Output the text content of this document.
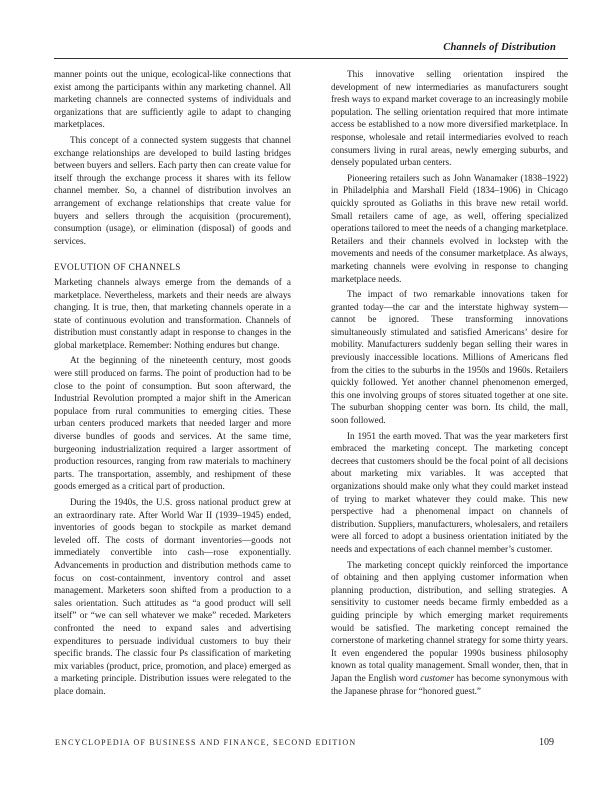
Channels of Distribution

manner points out the unique, ecological-like connections that exist among the participants within any marketing channel. All marketing channels are connected systems of individuals and organizations that are sufficiently agile to adapt to changing marketplaces.

This concept of a connected system suggests that channel exchange relationships are developed to build lasting bridges between buyers and sellers. Each party then can create value for itself through the exchange process it shares with its fellow channel member. So, a channel of distribution involves an arrangement of exchange relationships that create value for buyers and sellers through the acquisition (procurement), consumption (usage), or elimination (disposal) of goods and services.

EVOLUTION OF CHANNELS

Marketing channels always emerge from the demands of a marketplace. Nevertheless, markets and their needs are always changing. It is true, then, that marketing channels operate in a state of continuous evolution and transformation. Channels of distribution must constantly adapt in response to changes in the global marketplace. Remember: Nothing endures but change.

At the beginning of the nineteenth century, most goods were still produced on farms. The point of production had to be close to the point of consumption. But soon afterward, the Industrial Revolution prompted a major shift in the American populace from rural communities to emerging cities. These urban centers produced markets that needed larger and more diverse bundles of goods and services. At the same time, burgeoning industrialization required a larger assortment of production resources, ranging from raw materials to machinery parts. The transportation, assembly, and reshipment of these goods emerged as a critical part of production.

During the 1940s, the U.S. gross national product grew at an extraordinary rate. After World War II (1939–1945) ended, inventories of goods began to stockpile as market demand leveled off. The costs of dormant inventories—goods not immediately convertible into cash—rose exponentially. Advancements in production and distribution methods came to focus on cost-containment, inventory control and asset management. Marketers soon shifted from a production to a sales orientation. Such attitudes as “a good product will sell itself” or “we can sell whatever we make” receded. Marketers confronted the need to expand sales and advertising expenditures to persuade individual customers to buy their specific brands. The classic four Ps classification of marketing mix variables (product, price, promotion, and place) emerged as a marketing principle. Distribution issues were relegated to the place domain.

This innovative selling orientation inspired the development of new intermediaries as manufacturers sought fresh ways to expand market coverage to an increasingly mobile population. The selling orientation required that more intimate access be established to a now more diversified marketplace. In response, wholesale and retail intermediaries evolved to reach consumers living in rural areas, newly emerging suburbs, and densely populated urban centers.

Pioneering retailers such as John Wanamaker (1838–1922) in Philadelphia and Marshall Field (1834–1906) in Chicago quickly sprouted as Goliaths in this brave new retail world. Small retailers came of age, as well, offering specialized operations tailored to meet the needs of a changing marketplace. Retailers and their channels evolved in lockstep with the movements and needs of the consumer marketplace. As always, marketing channels were evolving in response to changing marketplace needs.

The impact of two remarkable innovations taken for granted today—the car and the interstate highway system—cannot be ignored. These transforming innovations simultaneously stimulated and satisfied Americans’ desire for mobility. Manufacturers suddenly began selling their wares in previously inaccessible locations. Millions of Americans fled from the cities to the suburbs in the 1950s and 1960s. Retailers quickly followed. Yet another channel phenomenon emerged, this one involving groups of stores situated together at one site. The suburban shopping center was born. Its child, the mall, soon followed.

In 1951 the earth moved. That was the year marketers first embraced the marketing concept. The marketing concept decrees that customers should be the focal point of all decisions about marketing mix variables. It was accepted that organizations should make only what they could market instead of trying to market whatever they could make. This new perspective had a phenomenal impact on channels of distribution. Suppliers, manufacturers, wholesalers, and retailers were all forced to adopt a business orientation initiated by the needs and expectations of each channel member’s customer.

The marketing concept quickly reinforced the importance of obtaining and then applying customer information when planning production, distribution, and selling strategies. A sensitivity to customer needs became firmly embedded as a guiding principle by which emerging market requirements would be satisfied. The marketing concept remained the cornerstone of marketing channel strategy for some thirty years. It even engendered the popular 1990s business philosophy known as total quality management. Small wonder, then, that in Japan the English word customer has become synonymous with the Japanese phrase for “honored guest.”

ENCYCLOPEDIA OF BUSINESS AND FINANCE, SECOND EDITION	109
